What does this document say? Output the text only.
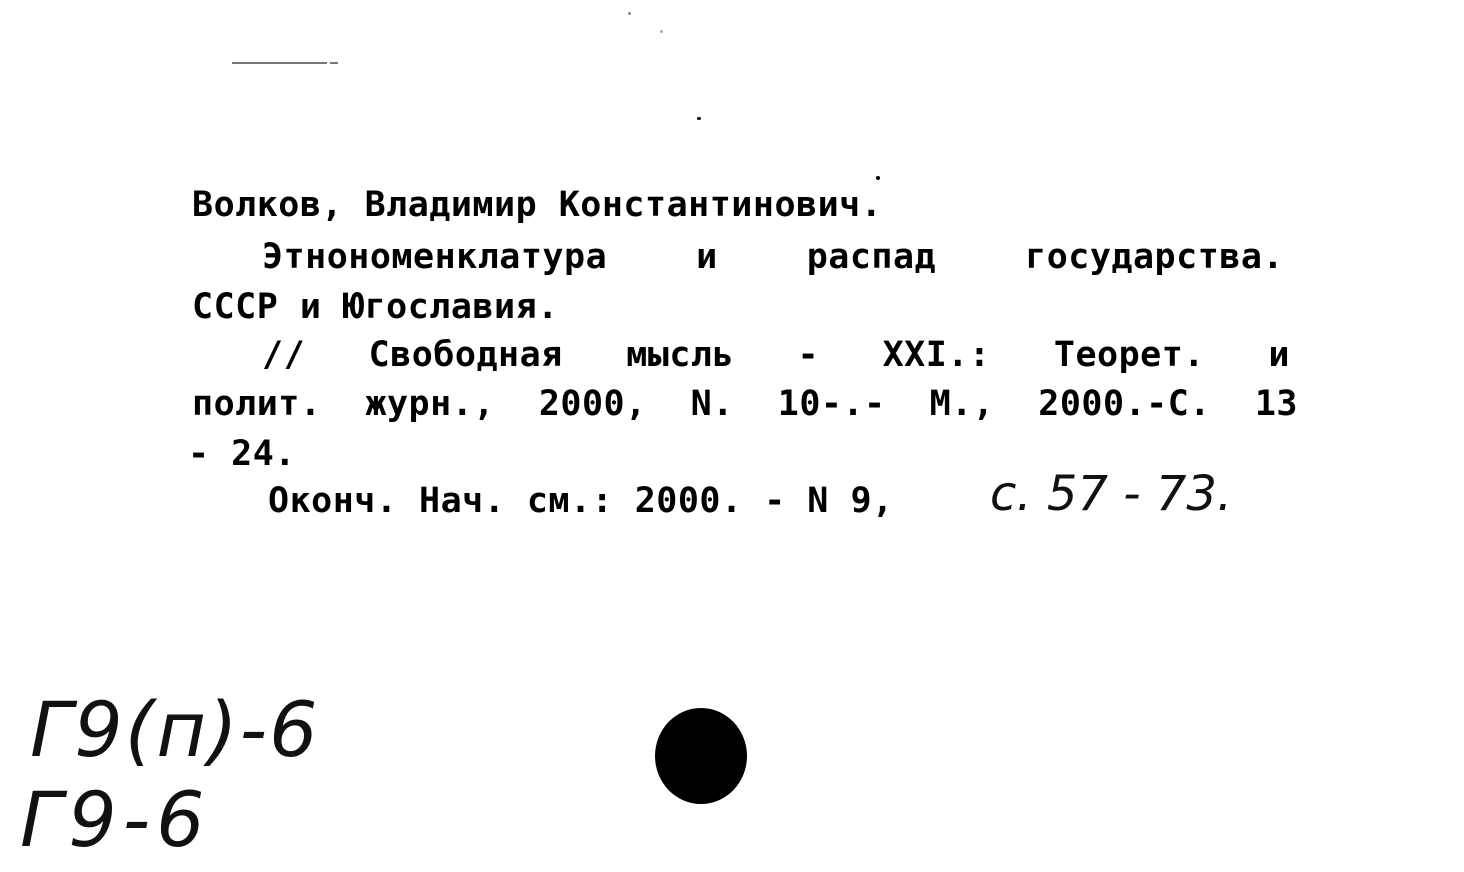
Волков, Владимир Константинович.
Этнономенклатура	и	распад	государства.
СССР и Югославия.
// Свободная мысль - XXI.: Теорет. и
полит. журн., 2000, N. 10-.- М., 2000.-С. 13
- 24.
Оконч. Нач. см.: 2000. - N 9, с. 57 - 73.
Г9(п)-6
Г9-6
